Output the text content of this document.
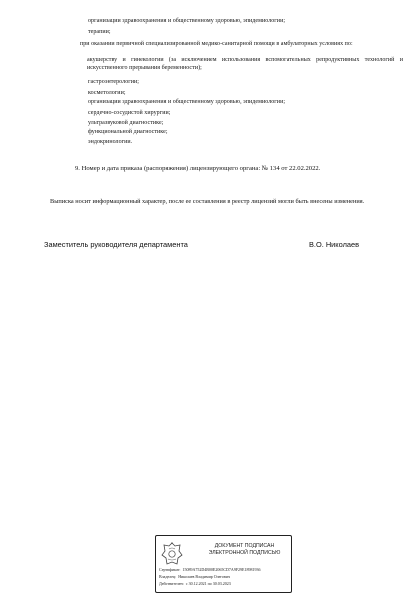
организации здравоохранения и общественному здоровью, эпидемиологии;
терапии;
при оказании первичной специализированной медико-санитарной помощи в амбулаторных условиях по:
акушерству и гинекологии (за исключением использования вспомогательных репродуктивных технологий и искусственного прерывания беременности);
гастроэнтерологии;
косметологии;
организации здравоохранения и общественному здоровью, эпидемиологии;
сердечно-сосудистой хирургии;
ультразвуковой диагностике;
функциональной диагностике;
эндокринологии.
9. Номер и дата приказа (распоряжения) лицензирующего органа: № 134 от 22.02.2022.
Выписка носит информационный характер, после ее составления в реестр лицензий могли быть внесены изменения.
Заместитель руководителя департамента	В.О. Николаев
ДОКУМЕНТ ПОДПИСАН
ЭЛЕКТРОННОЙ ПОДПИСЬЮ
Сертификат: 15089A752D4B00E2065CD7A9F29E18981936
Владелец: Николаев Владимир Олегович
Действителен: с 30.12.2021 по 30.03.2023
